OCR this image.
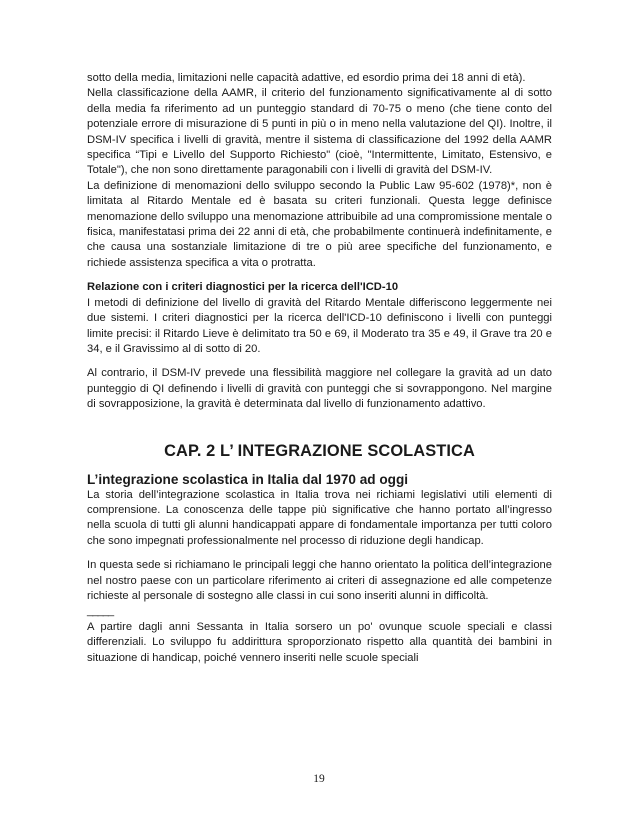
sotto della media, limitazioni nelle capacità adattive, ed esordio prima dei 18 anni di età).

Nella classificazione della AAMR, il criterio del funzionamento significativamente al di sotto della media fa riferimento ad un punteggio standard di 70-75 o meno (che tiene conto del potenziale errore di misurazione di 5 punti in più o in meno nella valutazione del QI). Inoltre, il DSM-IV specifica i livelli di gravità, mentre il sistema di classificazione del 1992 della AAMR specifica “Tipi e Livello del Supporto Richiesto" (cioè, "Intermittente, Limitato, Estensivo, e Totale"), che non sono direttamente paragonabili con i livelli di gravità del DSM-IV.

La definizione di menomazioni dello sviluppo secondo la Public Law 95-602 (1978)*, non è limitata al Ritardo Mentale ed è basata su criteri funzionali. Questa legge definisce menomazione dello sviluppo una menomazione attribuibile ad una compromissione mentale o fisica, manifestatasi prima dei 22 anni di età, che probabilmente continuerà indefinitamente, e che causa una sostanziale limitazione di tre o più aree specifiche del funzionamento, e richiede assistenza specifica a vita o protratta.

Relazione con i criteri diagnostici per la ricerca dell'ICD-10

I metodi di definizione del livello di gravità del Ritardo Mentale differiscono leggermente nei due sistemi. I criteri diagnostici per la ricerca dell'ICD-10 definiscono i livelli con punteggi limite precisi: il Ritardo Lieve è delimitato tra 50 e 69, il Moderato tra 35 e 49, il Grave tra 20 e 34, e il Gravissimo al di sotto di 20.

Al contrario, il DSM-IV prevede una flessibilità maggiore nel collegare la gravità ad un dato punteggio di QI definendo i livelli di gravità con punteggi che si sovrappongono. Nel margine di sovrapposizione, la gravità è determinata dal livello di funzionamento adattivo.

CAP. 2 L’ INTEGRAZIONE SCOLASTICA

L’integrazione scolastica in Italia dal 1970 ad oggi

La storia dell’integrazione scolastica in Italia trova nei richiami legislativi utili elementi di comprensione. La conoscenza delle tappe più significative che hanno portato all’ingresso nella scuola di tutti gli alunni handicappati appare di fondamentale importanza per tutti coloro che sono impegnati professionalmente nel processo di riduzione degli handicap.

In questa sede si richiamano le principali leggi che hanno orientato la politica dell’integrazione nel nostro paese con un particolare riferimento ai criteri di assegnazione ed alle competenze richieste al personale di sostegno alle classi in cui sono inseriti alunni in difficoltà.

_____

A partire dagli anni Sessanta in Italia sorsero un po' ovunque scuole speciali e classi differenziali. Lo sviluppo fu addirittura sproporzionato rispetto alla quantità dei bambini in situazione di handicap, poiché vennero inseriti nelle scuole speciali

19
